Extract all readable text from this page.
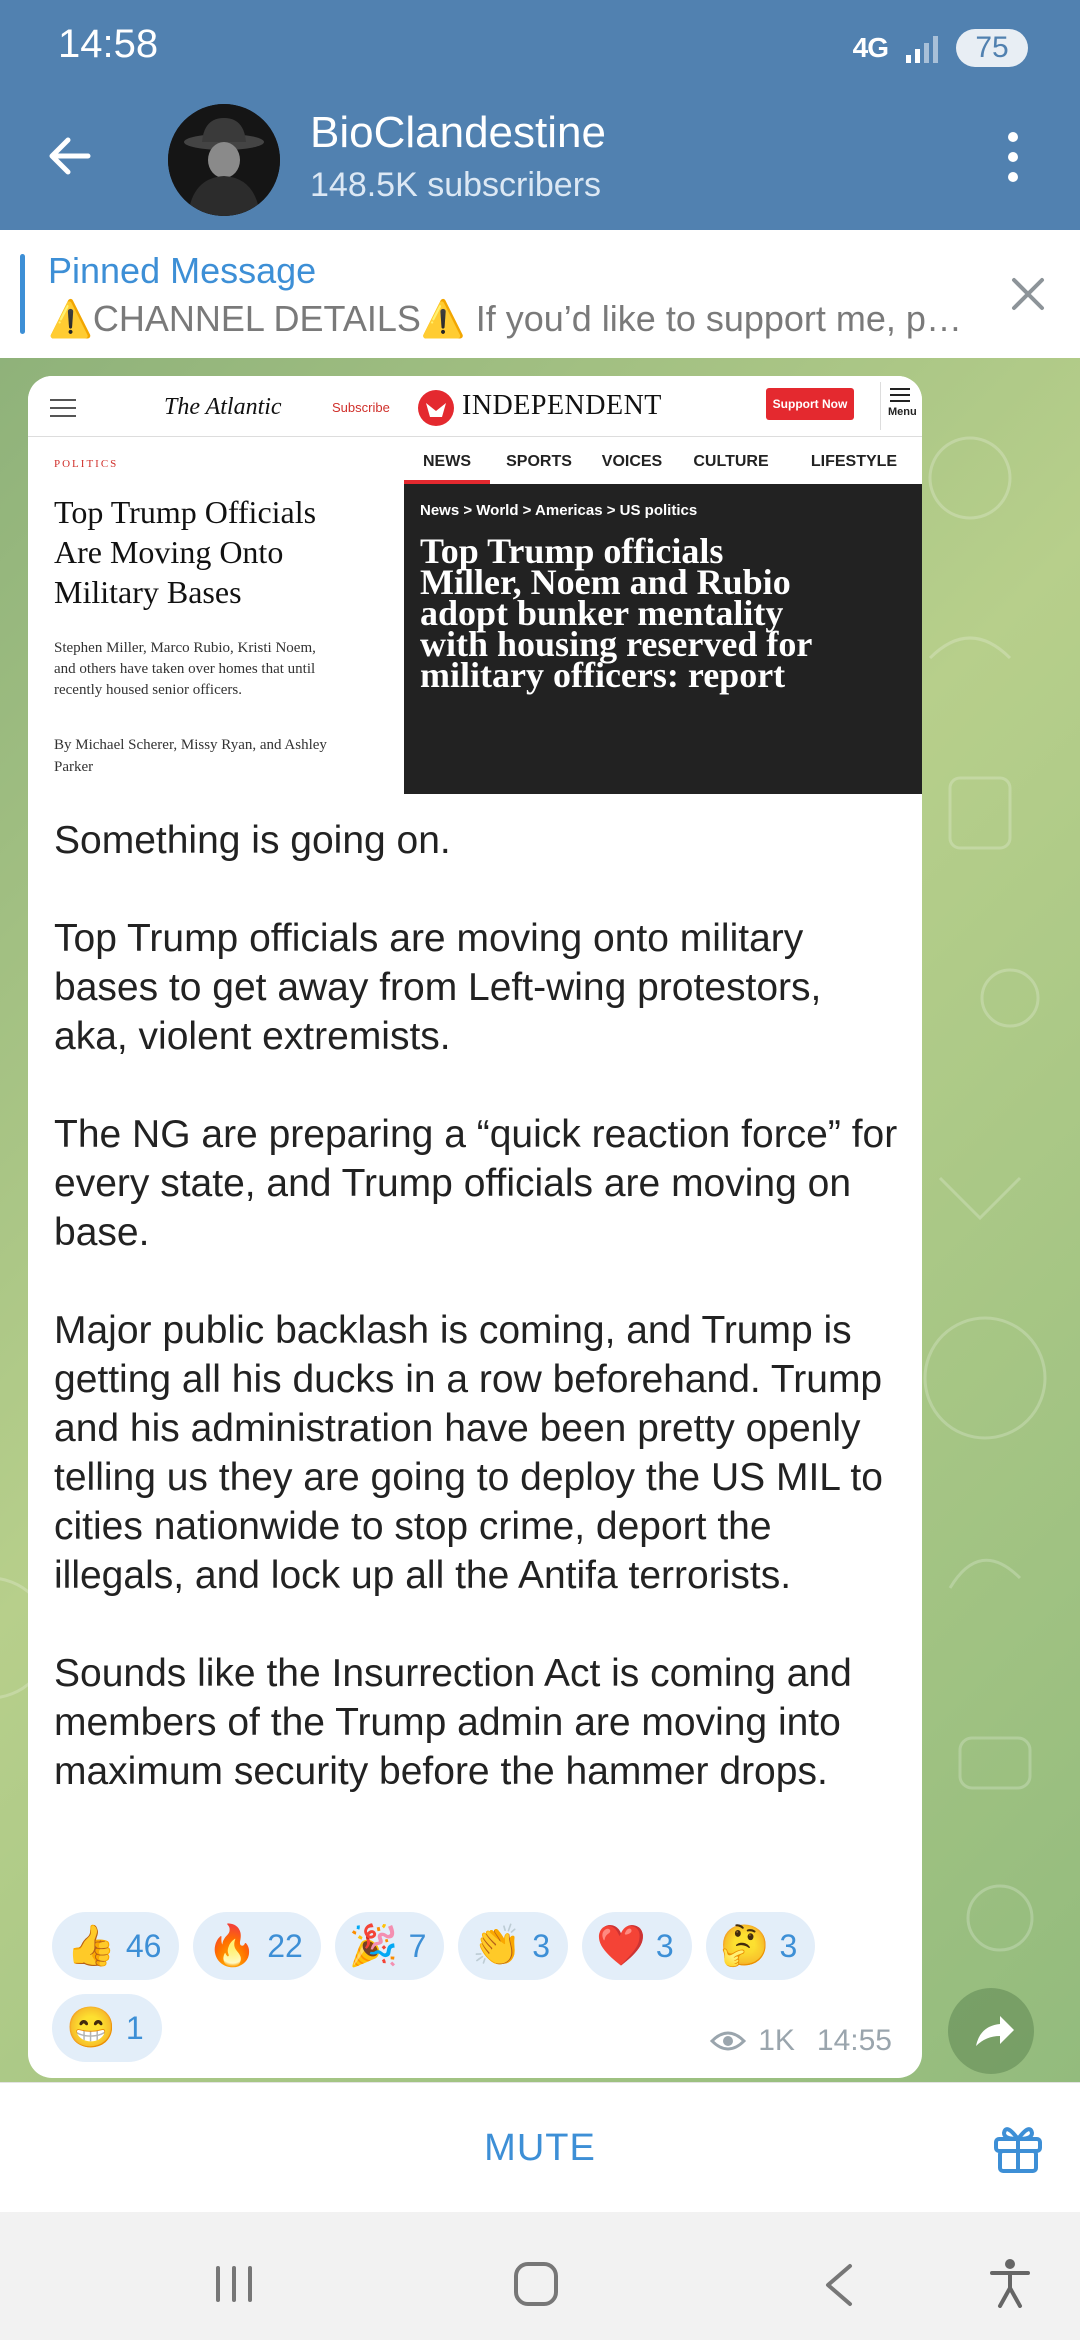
14:58	4G	75
BioClandestine
148.5K subscribers
Pinned Message
⚠️CHANNEL DETAILS⚠️ If you’d like to support me, p…
The Atlantic	Subscribe
POLITICS
Top Trump Officials
Are Moving Onto
Military Bases
Stephen Miller, Marco Rubio, Kristi Noem,
and others have taken over homes that until
recently housed senior officers.
By Michael Scherer, Missy Ryan, and Ashley
Parker
INDEPENDENT	Support Now
Menu
NEWS	SPORTS	VOICES	CULTURE	LIFESTYLE
News > World > Americas > US politics
Top Trump officials
Miller, Noem and Rubio
adopt bunker mentality
with housing reserved for
military officers: report
Something is going on.

Top Trump officials are moving onto military bases to get away from Left-wing protestors, aka, violent extremists.

The NG are preparing a “quick reaction force” for every state, and Trump officials are moving on base.

Major public backlash is coming, and Trump is getting all his ducks in a row beforehand. Trump and his administration have been pretty openly telling us they are going to deploy the US MIL to cities nationwide to stop crime, deport the illegals, and lock up all the Antifa terrorists.

Sounds like the Insurrection Act is coming and members of the Trump admin are moving into maximum security before the hammer drops.
👍 46 🔥 22 🎉 7 👏 3 ❤️ 3 🤔 3
😁 1	1K 14:55
MUTE
